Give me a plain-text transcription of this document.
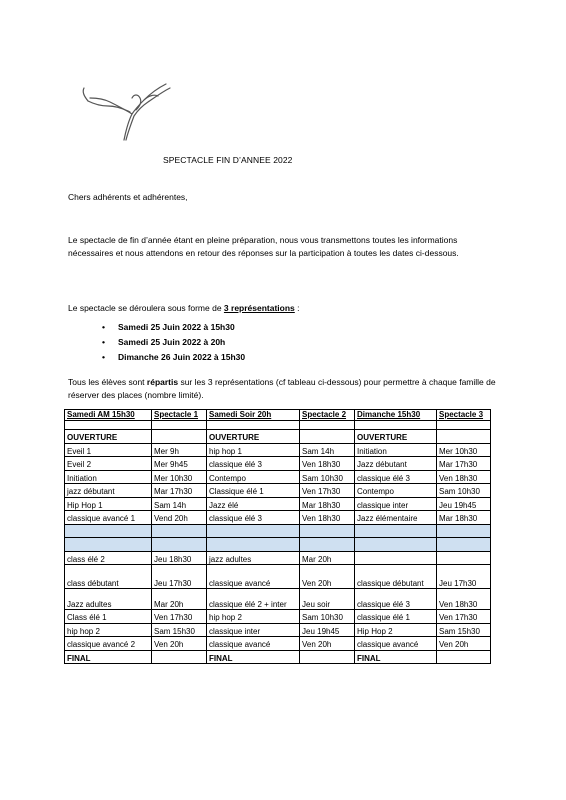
SPECTACLE FIN D’ANNEE 2022
Chers adhérents et adhérentes,
Le spectacle de fin d’année étant en pleine préparation, nous vous transmettons toutes les informations nécessaires et nous attendons en retour des réponses sur la participation à toutes les dates ci-dessous.
Le spectacle se déroulera sous forme de 3 représentations :
• Samedi 25 Juin 2022 à 15h30
• Samedi 25 Juin 2022 à 20h
• Dimanche 26 Juin 2022 à 15h30
Tous les élèves sont répartis sur les 3 représentations (cf tableau ci-dessous) pour permettre à chaque famille de réserver des places (nombre limité).
Samedi AM 15h30	Spectacle 1	Samedi Soir 20h	Spectacle 2	Dimanche 15h30	Spectacle 3

OUVERTURE		OUVERTURE		OUVERTURE	
Eveil 1	Mer 9h	hip hop 1	Sam 14h	Initiation	Mer 10h30
Eveil 2	Mer 9h45	classique élé 3	Ven 18h30	Jazz débutant	Mar 17h30
Initiation	Mer 10h30	Contempo	Sam 10h30	classique élé 3	Ven 18h30
jazz débutant	Mar 17h30	Classique élé 1	Ven 17h30	Contempo	Sam 10h30
Hip Hop 1	Sam 14h	Jazz élé	Mar 18h30	classique inter	Jeu 19h45
classique avancé 1	Vend 20h	classique élé 3	Ven 18h30	Jazz élémentaire	Mar 18h30

class élé 2	Jeu 18h30	jazz adultes	Mar 20h		
class débutant	Jeu 17h30	classique avancé	Ven 20h	classique débutant	Jeu 17h30
Jazz adultes	Mar 20h	classique élé 2 + inter	Jeu soir	classique élé 3	Ven 18h30
Class élé 1	Ven 17h30	hip hop 2	Sam 10h30	classique élé 1	Ven 17h30
hip hop 2	Sam 15h30	classique inter	Jeu 19h45	Hip Hop 2	Sam 15h30
classique avancé 2	Ven 20h	classique avancé	Ven 20h	classique avancé	Ven 20h
FINAL		FINAL		FINAL	
